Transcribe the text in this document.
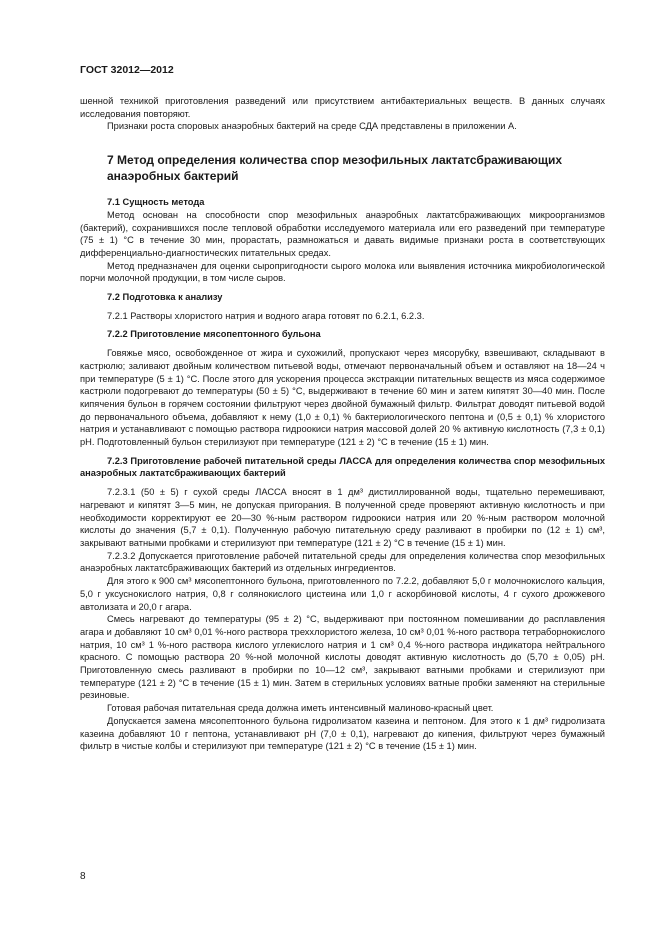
ГОСТ 32012—2012

шенной техникой приготовления разведений или присутствием антибактериальных веществ. В данных случаях исследования повторяют.

Признаки роста споровых анаэробных бактерий на среде СДА представлены в приложении А.

7 Метод определения количества спор мезофильных лактатсбраживающих анаэробных бактерий
7.1 Сущность метода

Метод основан на способности спор мезофильных анаэробных лактатсбраживающих микроорганизмов (бактерий), сохранившихся после тепловой обработки исследуемого материала или его разведений при температуре (75 ± 1) °С в течение 30 мин, прорастать, размножаться и давать видимые признаки роста в соответствующих дифференциально-диагностических питательных средах.

Метод предназначен для оценки сыропригодности сырого молока или выявления источника микробиологической порчи молочной продукции, в том числе сыров.

7.2 Подготовка к анализу

7.2.1 Растворы хлористого натрия и водного агара готовят по 6.2.1, 6.2.3.

7.2.2 Приготовление мясопептонного бульона

Говяжье мясо, освобожденное от жира и сухожилий, пропускают через мясорубку, взвешивают, складывают в кастрюлю; заливают двойным количеством питьевой воды, отмечают первоначальный объем и оставляют на 18—24 ч при температуре (5 ± 1) °С. После этого для ускорения процесса экстракции питательных веществ из мяса содержимое кастрюли подогревают до температуры (50 ± 5) °С, выдерживают в течение 60 мин и затем кипятят 30—40 мин. После кипячения бульон в горячем состоянии фильтруют через двойной бумажный фильтр. Фильтрат доводят питьевой водой до первоначального объема, добавляют к нему (1,0 ± 0,1) % бактериологического пептона и (0,5 ± 0,1) % хлористого натрия и устанавливают с помощью раствора гидроокиси натрия массовой долей 20 % активную кислотность (7,3 ± 0,1) рН. Подготовленный бульон стерилизуют при температуре (121 ± 2) °С в течение (15 ± 1) мин.

7.2.3 Приготовление рабочей питательной среды ЛАССА для определения количества спор мезофильных анаэробных лактатсбраживающих бактерий

7.2.3.1 (50 ± 5) г сухой среды ЛАССА вносят в 1 дм³ дистиллированной воды, тщательно перемешивают, нагревают и кипятят 3—5 мин, не допуская пригорания. В полученной среде проверяют активную кислотность и при необходимости корректируют ее 20—30 %-ным раствором гидроокиси натрия или 20 %-ным раствором молочной кислоты до значения (5,7 ± 0,1). Полученную рабочую питательную среду разливают в пробирки по (12 ± 1) см³, закрывают ватными пробками и стерилизуют при температуре (121 ± 2) °С в течение (15 ± 1) мин.

7.2.3.2 Допускается приготовление рабочей питательной среды для определения количества спор мезофильных анаэробных лактатсбраживающих бактерий из отдельных ингредиентов.

Для этого к 900 см³ мясопептонного бульона, приготовленного по 7.2.2, добавляют 5,0 г молочнокислого кальция, 5,0 г уксуснокислого натрия, 0,8 г солянокислого цистеина или 1,0 г аскорбиновой кислоты, 4 г сухого дрожжевого автолизата и 20,0 г агара.

Смесь нагревают до температуры (95 ± 2) °С, выдерживают при постоянном помешивании до расплавления агара и добавляют 10 см³ 0,01 %-ного раствора треххлористого железа, 10 см³ 0,01 %-ного раствора тетраборнокислого натрия, 10 см³ 1 %-ного раствора кислого углекислого натрия и 1 см³ 0,4 %-ного раствора индикатора нейтрального красного. С помощью раствора 20 %-ной молочной кислоты доводят активную кислотность до (5,70 ± 0,05) рН. Приготовленную смесь разливают в пробирки по 10—12 см³, закрывают ватными пробками и стерилизуют при температуре (121 ± 2) °С в течение (15 ± 1) мин. Затем в стерильных условиях ватные пробки заменяют на стерильные резиновые.

Готовая рабочая питательная среда должна иметь интенсивный малиново-красный цвет.

Допускается замена мясопептонного бульона гидролизатом казеина и пептоном. Для этого к 1 дм³ гидролизата казеина добавляют 10 г пептона, устанавливают рН (7,0 ± 0,1), нагревают до кипения, фильтруют через бумажный фильтр в чистые колбы и стерилизуют при температуре (121 ± 2) °С в течение (15 ± 1) мин.

8
